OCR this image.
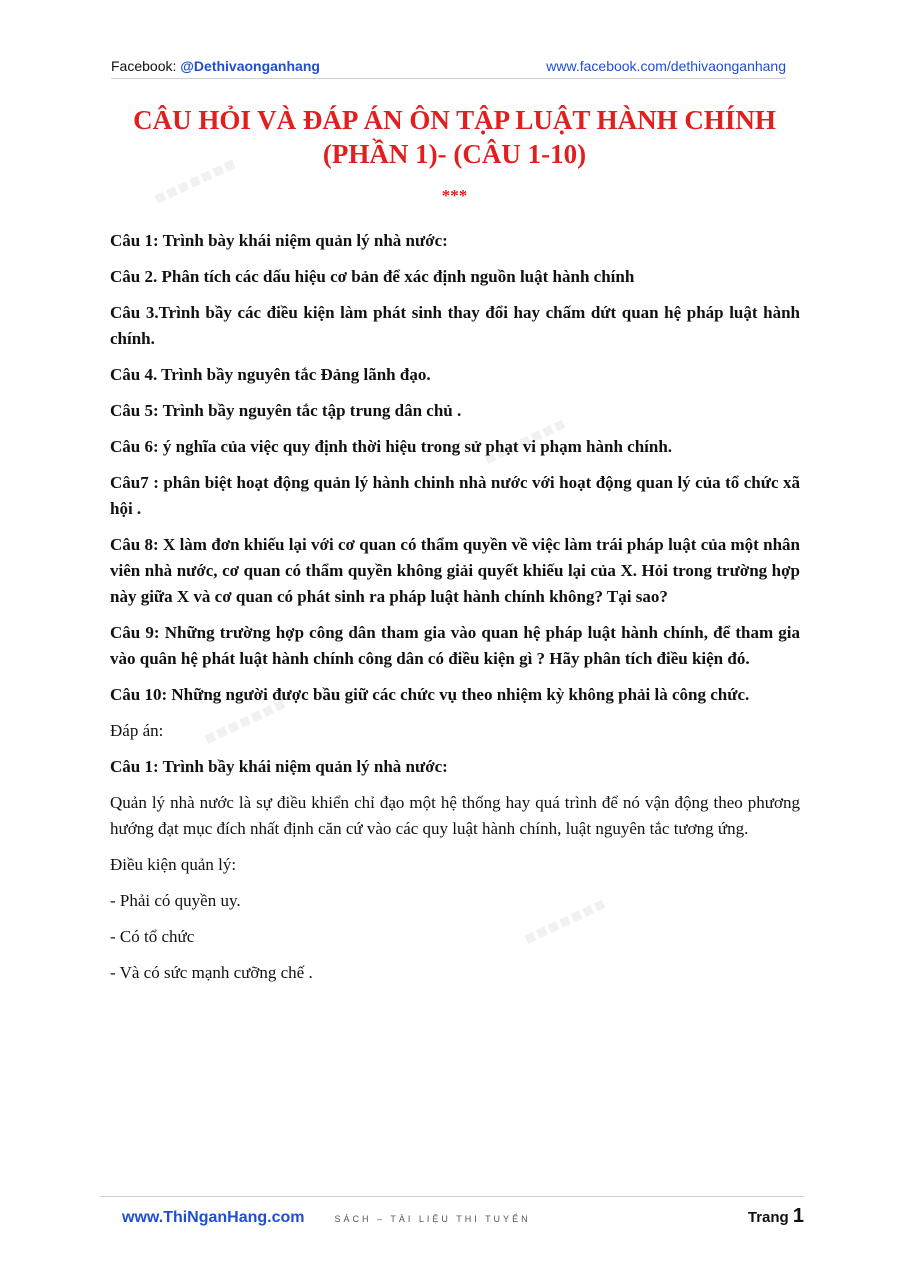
▪▪▪▪▪▪▪
▪▪▪▪▪▪▪
▪▪▪▪▪▪▪
▪▪▪▪▪▪▪
Facebook: @Dethivaonganhang	www.facebook.com/dethivaonganhang
CÂU HỎI VÀ ĐÁP ÁN ÔN TẬP LUẬT HÀNH CHÍNH
(PHẦN 1)- (CÂU 1-10)
***

Câu 1: Trình bày khái niệm quản lý nhà nước:

Câu 2. Phân tích các dấu hiệu cơ bản để xác định nguồn luật hành chính

Câu 3.Trình bầy các điều kiện làm phát sinh thay đổi hay chấm dứt quan hệ pháp luật hành chính.

Câu 4. Trình bầy nguyên tắc Đảng lãnh đạo.

Câu 5: Trình bầy nguyên tắc tập trung dân chủ .

Câu 6: ý nghĩa của việc quy định thời hiệu trong sử phạt vi phạm hành chính.

Câu7 : phân biệt hoạt động quản lý hành chinh nhà nước với hoạt động quan lý của tổ chức xã hội .

Câu 8: X làm đơn khiếu lại với cơ quan có thẩm quyền về việc làm trái pháp luật của một nhân viên nhà nước, cơ quan có thẩm quyền không giải quyết khiếu lại của X. Hỏi trong trường hợp này giữa X và cơ quan có phát sinh ra pháp luật hành chính không? Tại sao?

Câu 9: Những trường hợp công dân tham gia vào quan hệ pháp luật hành chính, để tham gia vào quân hệ phát luật hành chính công dân có điều kiện gì ? Hãy phân tích điều kiện đó.

Câu 10: Những người được bầu giữ các chức vụ theo nhiệm kỳ không phải là công chức.

Đáp án:

Câu 1: Trình bầy khái niệm quản lý nhà nước:

Quản lý nhà nước là sự điều khiển chỉ đạo một hệ thống hay quá trình để nó vận động theo phương hướng đạt mục đích nhất định căn cứ vào các quy luật hành chính, luật nguyên tắc tương ứng.

Điều kiện quản lý:

- Phải có quyền uy.

- Có tổ chức

- Và có sức mạnh cưỡng chế .

www.ThiNganHang.com	SÁCH – TÀI LIỆU THI TUYỂN	Trang 1
